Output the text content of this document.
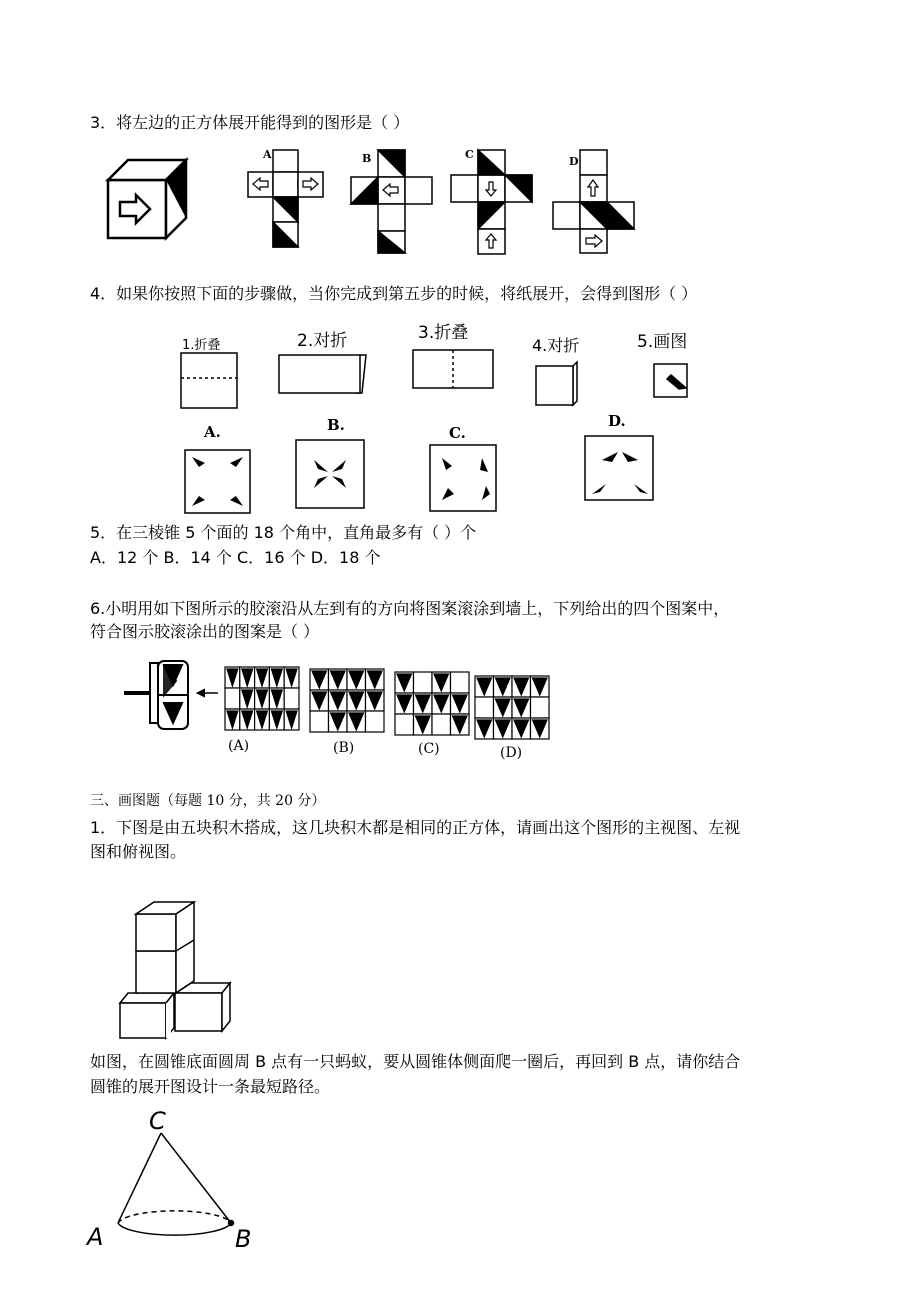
3．将左边的正方体展开能得到的图形是（ ）
A	B	C
D
4．如果你按照下面的步骤做，当你完成到第五步的时候，将纸展开，会得到图形（ ）
1.折叠	2.对折	3.折叠
4.对折	5.画图
A.	B.	C.
D.
5．在三棱锥 5 个面的 18 个角中，直角最多有（ ）个
A．12 个 B．14 个 C．16 个 D．18 个
6.小明用如下图所示的胶滚沿从左到有的方向将图案滚涂到墙上，下列给出的四个图案中，
符合图示胶滚涂出的图案是（ ）
(A)	(B)	(C)	(D)
三、画图题（每题 10 分，共 20 分）
1．下图是由五块积木搭成，这几块积木都是相同的正方体，请画出这个图形的主视图、左视
图和俯视图。
如图，在圆锥底面圆周 B 点有一只蚂蚁，要从圆锥体侧面爬一圈后，再回到 B 点，请你结合
圆锥的展开图设计一条最短路径。
C
A	B
